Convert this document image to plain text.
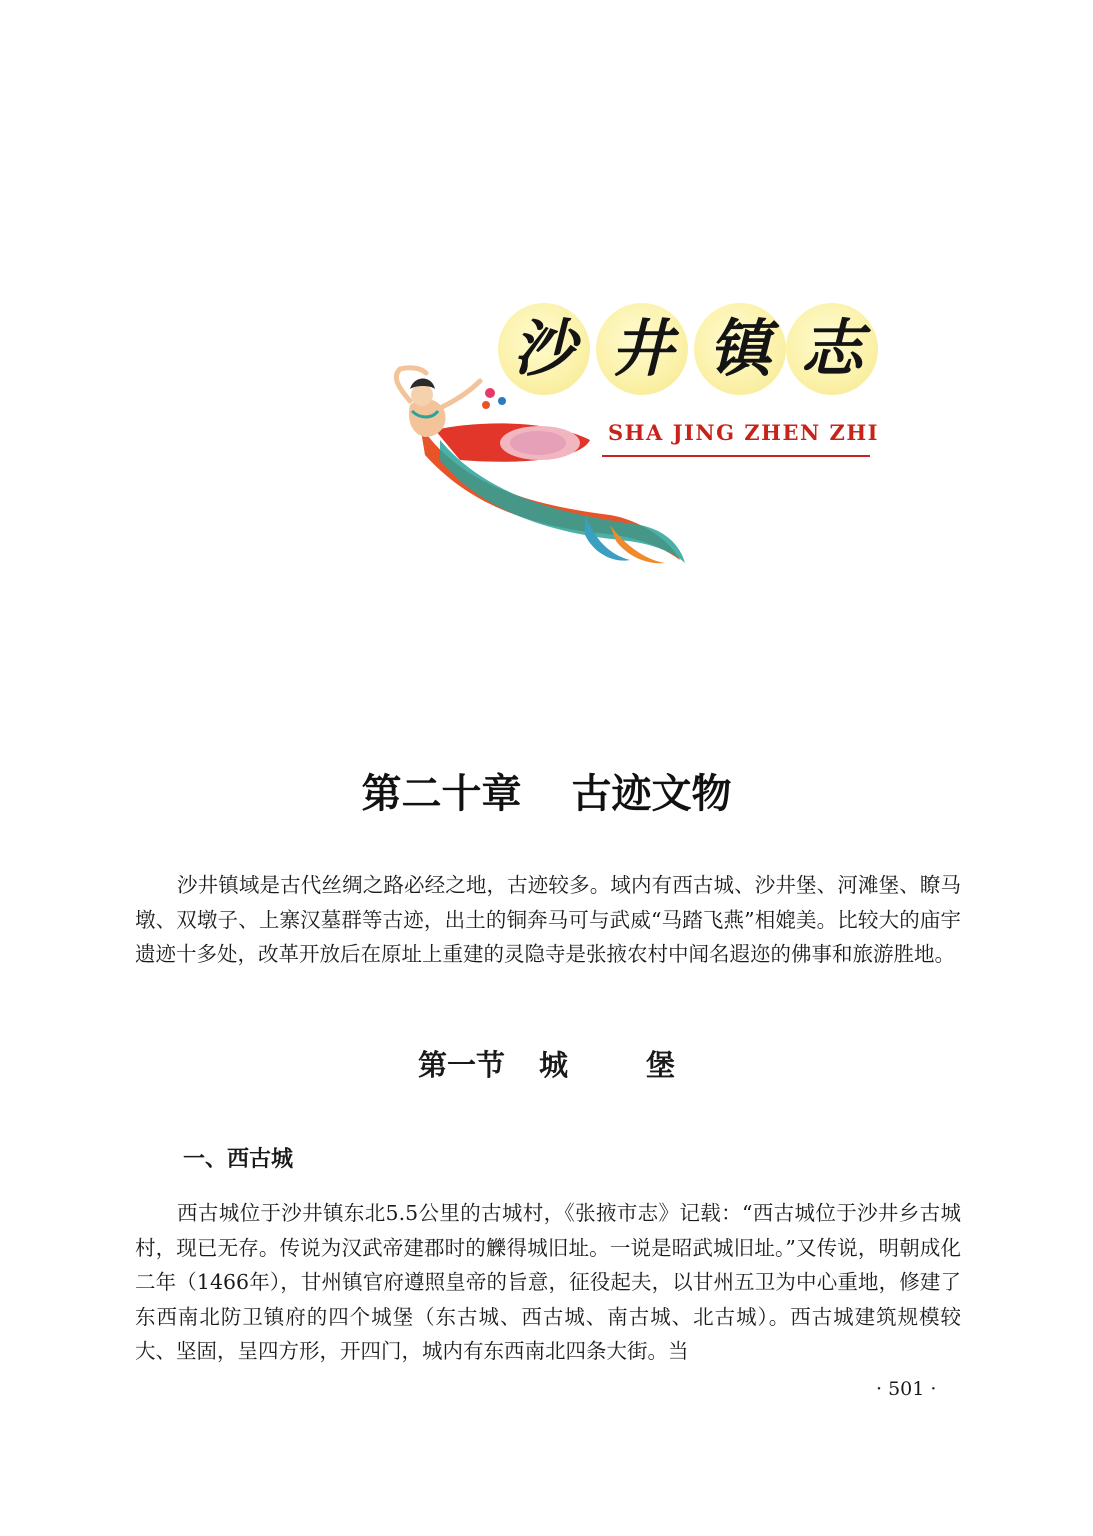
沙 井 镇 志
SHA JING ZHEN ZHI
第二十章 古迹文物

沙井镇域是古代丝绸之路必经之地，古迹较多。域内有西古城、沙井堡、河滩堡、瞭马墩、双墩子、上寨汉墓群等古迹，出土的铜奔马可与武威“马踏飞燕”相媲美。比较大的庙宇遗迹十多处，改革开放后在原址上重建的灵隐寺是张掖农村中闻名遐迩的佛事和旅游胜地。

第一节 城	堡
一、西古城

西古城位于沙井镇东北5.5公里的古城村，《张掖市志》记载：“西古城位于沙井乡古城村，现已无存。传说为汉武帝建郡时的觻得城旧址。一说是昭武城旧址。”又传说，明朝成化二年（1466年），甘州镇官府遵照皇帝的旨意，征役起夫，以甘州五卫为中心重地，修建了东西南北防卫镇府的四个城堡（东古城、西古城、南古城、北古城）。西古城建筑规模较大、坚固，呈四方形，开四门，城内有东西南北四条大街。当

· 501 ·
